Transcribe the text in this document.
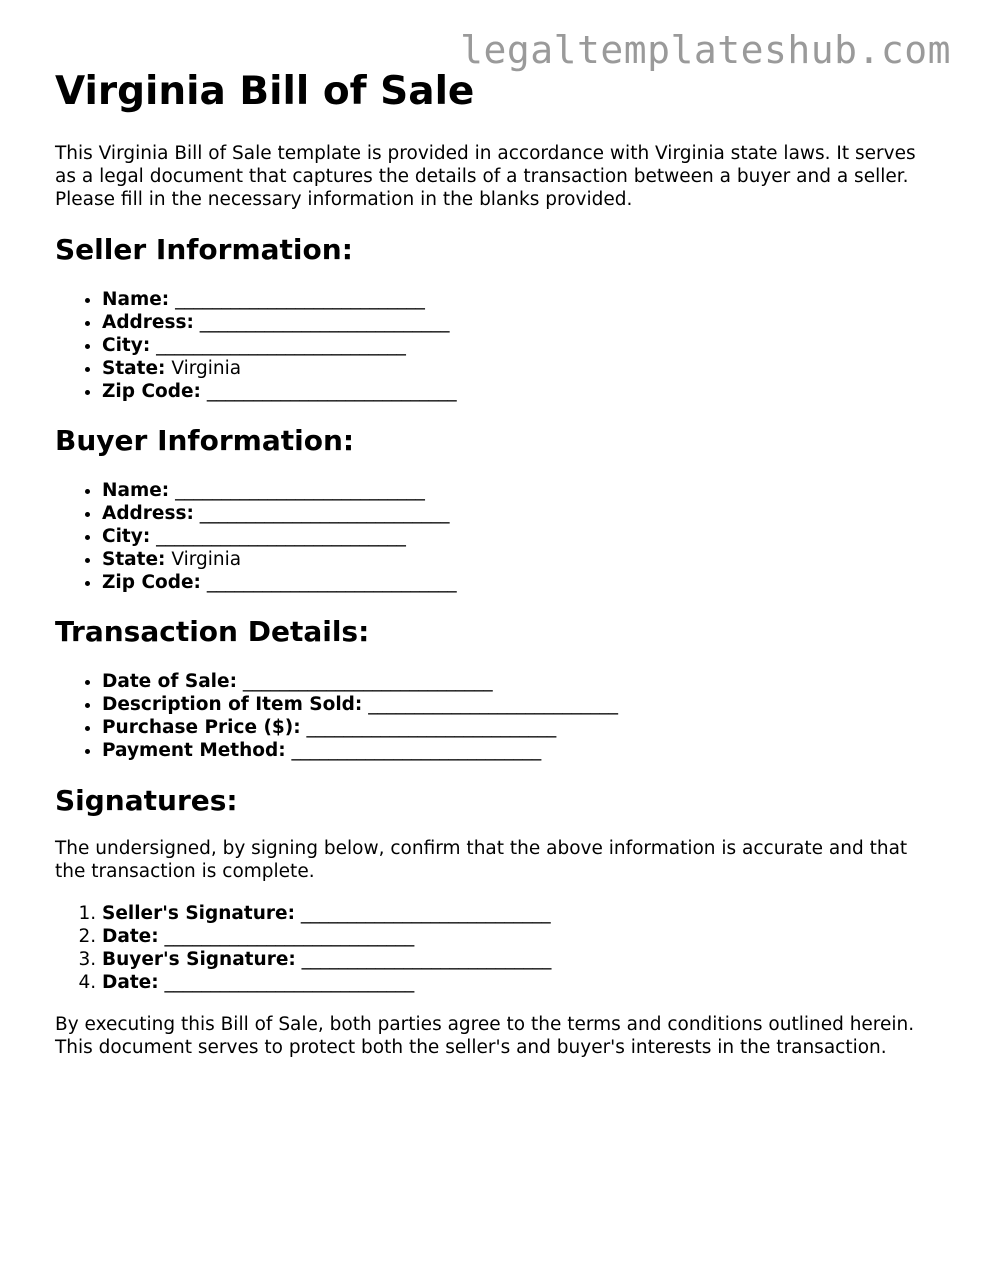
legaltemplateshub.com
Virginia Bill of Sale

This Virginia Bill of Sale template is provided in accordance with Virginia state laws. It serves as a legal document that captures the details of a transaction between a buyer and a seller. Please fill in the necessary information in the blanks provided.

Seller Information:
• Name: ___________________________
• Address: ___________________________
• City: ___________________________
• State: Virginia
• Zip Code: ___________________________
Buyer Information:
• Name: ___________________________
• Address: ___________________________
• City: ___________________________
• State: Virginia
• Zip Code: ___________________________
Transaction Details:
• Date of Sale: ___________________________
• Description of Item Sold: ___________________________
• Purchase Price ($): ___________________________
• Payment Method: ___________________________
Signatures:

The undersigned, by signing below, confirm that the above information is accurate and that the transaction is complete.

1. Seller's Signature: ___________________________
2. Date: ___________________________
3. Buyer's Signature: ___________________________
4. Date: ___________________________

By executing this Bill of Sale, both parties agree to the terms and conditions outlined herein. This document serves to protect both the seller's and buyer's interests in the transaction.
